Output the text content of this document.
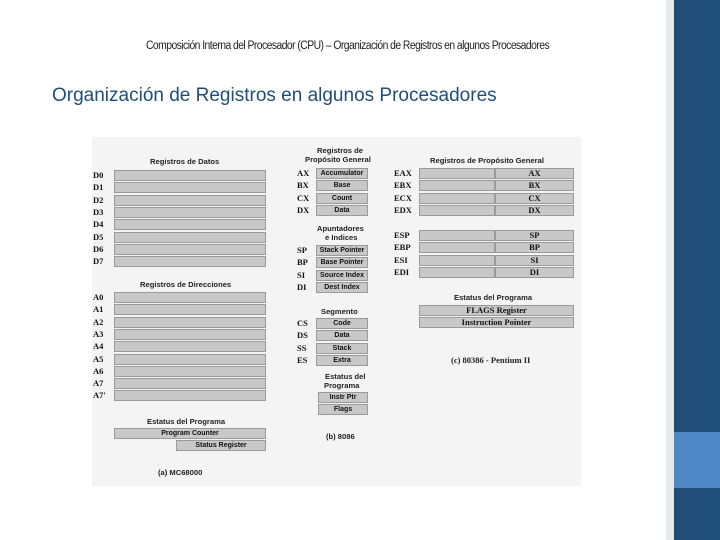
Composición Interna del Procesador (CPU) – Organización de Registros en algunos Procesadores
Organización de Registros en algunos Procesadores
Registros de Datos
D0
D1
D2
D3
D4
D5
D6
D7
Registros de Direcciones
A0
A1
A2
A3
A4
A5
A6
A7
A7'
Estatus del Programa
Program Counter
Status Register
(a) MC68000
Registros de
Propósito General
AX	Accumulator
BX	Base
CX	Count
DX	Data
Apuntadores
e Indices
SP	Stack Pointer
BP	Base Pointer
SI	Source Index
DI	Dest Index
Segmento
CS	Code
DS	Data
SS	Stack
ES	Extra
Estatus del
Programa
Instr Ptr
Flags
(b) 8086
Registros de Propósito General
EAX	AX
EBX	BX
ECX	CX
EDX	DX
ESP	SP
EBP	BP
ESI	SI
EDI	DI
Estatus del Programa
FLAGS Register
Instruction Pointer
(c) 80386 - Pentium II
